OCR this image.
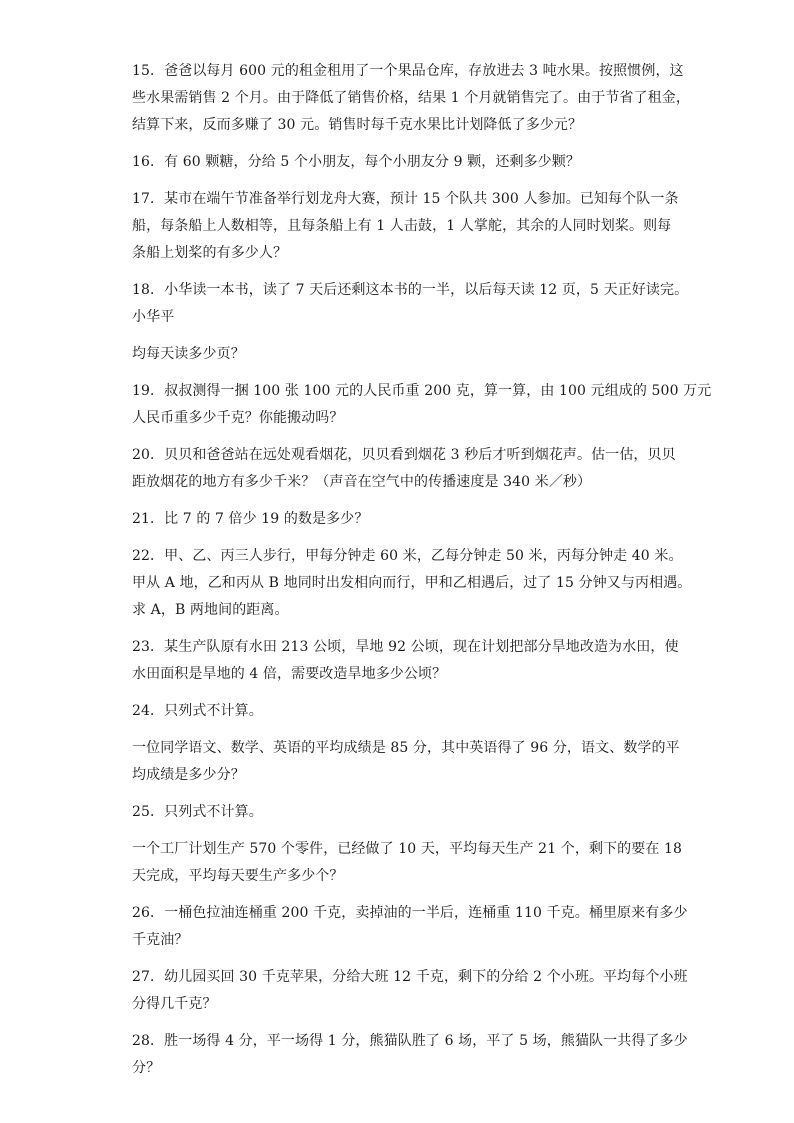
15．爸爸以每月 600 元的租金租用了一个果品仓库，存放进去 3 吨水果。按照惯例，这
些水果需销售 2 个月。由于降低了销售价格，结果 1 个月就销售完了。由于节省了租金，
结算下来，反而多赚了 30 元。销售时每千克水果比计划降低了多少元？

16．有 60 颗糖，分给 5 个小朋友，每个小朋友分 9 颗，还剩多少颗？

17．某市在端午节准备举行划龙舟大赛，预计 15 个队共 300 人参加。已知每个队一条
船，每条船上人数相等，且每条船上有 1 人击鼓，1 人掌舵，其余的人同时划桨。则每
条船上划桨的有多少人？

18．小华读一本书，读了 7 天后还剩这本书的一半，以后每天读 12 页，5 天正好读完。
小华平

均每天读多少页？

19．叔叔测得一捆 100 张 100 元的人民币重 200 克，算一算，由 100 元组成的 500 万元
人民币重多少千克？你能搬动吗？

20．贝贝和爸爸站在远处观看烟花，贝贝看到烟花 3 秒后才听到烟花声。估一估，贝贝
距放烟花的地方有多少千米？（声音在空气中的传播速度是 340 米／秒）

21．比 7 的 7 倍少 19 的数是多少？

22．甲、乙、丙三人步行，甲每分钟走 60 米，乙每分钟走 50 米，丙每分钟走 40 米。
甲从 A 地，乙和丙从 B 地同时出发相向而行，甲和乙相遇后，过了 15 分钟又与丙相遇。
求 A，B 两地间的距离。

23．某生产队原有水田 213 公顷，旱地 92 公顷，现在计划把部分旱地改造为水田，使
水田面积是旱地的 4 倍，需要改造旱地多少公顷？

24．只列式不计算。

一位同学语文、数学、英语的平均成绩是 85 分，其中英语得了 96 分，语文、数学的平
均成绩是多少分？

25．只列式不计算。

一个工厂计划生产 570 个零件，已经做了 10 天，平均每天生产 21 个，剩下的要在 18
天完成，平均每天要生产多少个？

26．一桶色拉油连桶重 200 千克，卖掉油的一半后，连桶重 110 千克。桶里原来有多少
千克油？

27．幼儿园买回 30 千克苹果，分给大班 12 千克，剩下的分给 2 个小班。平均每个小班
分得几千克？

28．胜一场得 4 分，平一场得 1 分，熊猫队胜了 6 场，平了 5 场，熊猫队一共得了多少
分？
